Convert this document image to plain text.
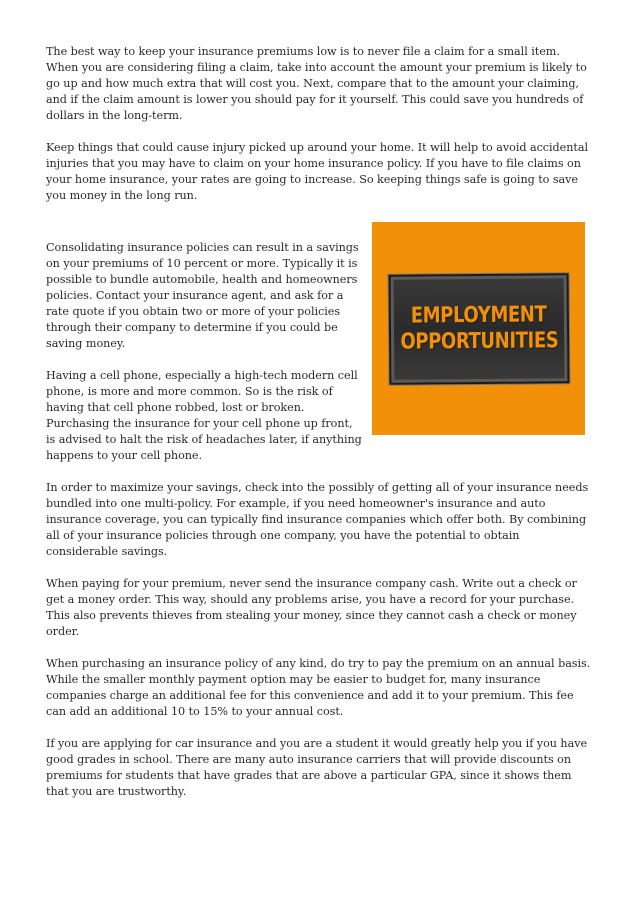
The best way to keep your insurance premiums low is to never file a claim for a small item. When you are considering filing a claim, take into account the amount your premium is likely to go up and how much extra that will cost you. Next, compare that to the amount your claiming, and if the claim amount is lower you should pay for it yourself. This could save you hundreds of dollars in the long-term.

Keep things that could cause injury picked up around your home. It will help to avoid accidental injuries that you may have to claim on your home insurance policy. If you have to file claims on your home insurance, your rates are going to increase. So keeping things safe is going to save you money in the long run.

Consolidating insurance policies can result in a savings on your premiums of 10 percent or more. Typically it is possible to bundle automobile, health and homeowners policies. Contact your insurance agent, and ask for a rate quote if you obtain two or more of your policies through their company to determine if you could be saving money.

Having a cell phone, especially a high-tech modern cell phone, is more and more common. So is the risk of having that cell phone robbed, lost or broken. Purchasing the insurance for your cell phone up front, is advised to halt the risk of headaches later, if anything happens to your cell phone.

EMPLOYMENT
OPPORTUNITIES

In order to maximize your savings, check into the possibly of getting all of your insurance needs bundled into one multi-policy. For example, if you need homeowner's insurance and auto insurance coverage, you can typically find insurance companies which offer both. By combining all of your insurance policies through one company, you have the potential to obtain considerable savings.

When paying for your premium, never send the insurance company cash. Write out a check or get a money order. This way, should any problems arise, you have a record for your purchase. This also prevents thieves from stealing your money, since they cannot cash a check or money order.

When purchasing an insurance policy of any kind, do try to pay the premium on an annual basis. While the smaller monthly payment option may be easier to budget for, many insurance companies charge an additional fee for this convenience and add it to your premium. This fee can add an additional 10 to 15% to your annual cost.

If you are applying for car insurance and you are a student it would greatly help you if you have good grades in school. There are many auto insurance carriers that will provide discounts on premiums for students that have grades that are above a particular GPA, since it shows them that you are trustworthy.
